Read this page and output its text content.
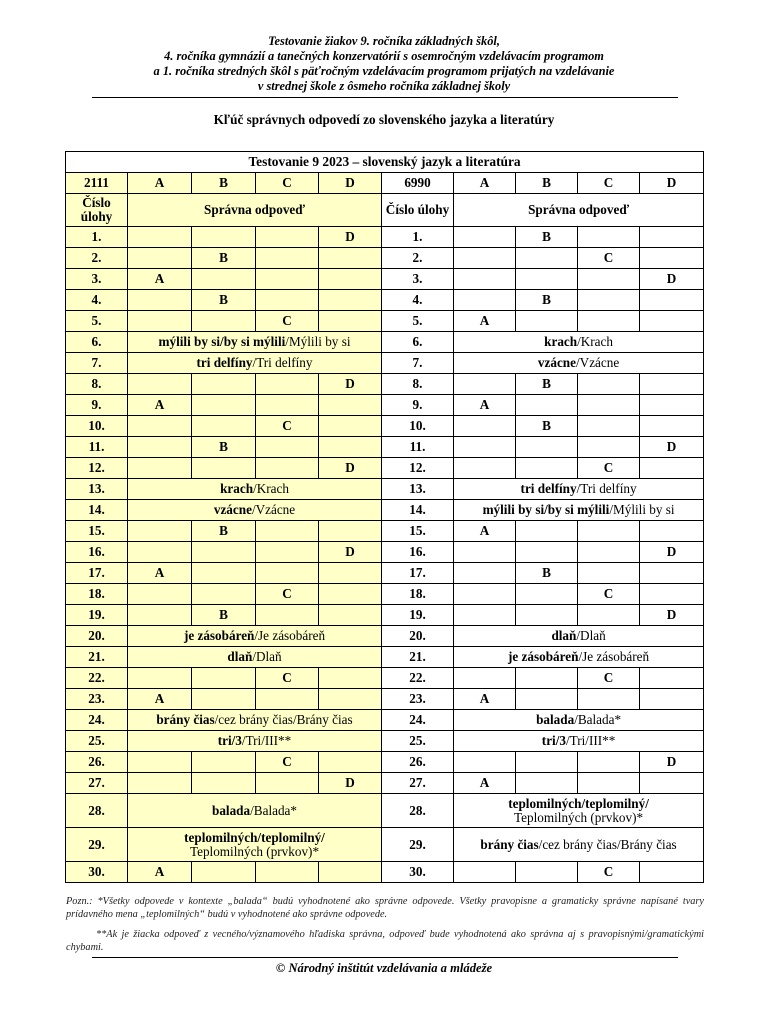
Testovanie žiakov 9. ročníka základných škôl,
4. ročníka gymnázií a tanečných konzervatórií s osemročným vzdelávacím programom
a 1. ročníka stredných škôl s päťročným vzdelávacím programom prijatých na vzdelávanie
v strednej škole z ôsmeho ročníka základnej školy
Kľúč správnych odpovedí zo slovenského jazyka a literatúry
Testovanie 9 2023 – slovenský jazyk a literatúra									
2111	A	B	C	D	6990	A	B	C	D
Číslo úlohy	Správna odpoveď				Číslo úlohy	Správna odpoveď			
1.				D	1.		B		
2.		B			2.			C	
3.	A				3.				D
4.		B			4.		B		
5.			C		5.	A			
6.	mýlili by si/by si mýlili/Mýlili by si				6.	krach/Krach			
7.	tri delfíny/Tri delfíny				7.	vzácne/Vzácne			
8.				D	8.		B		
9.	A				9.	A			
10.			C		10.		B		
11.		B			11.				D
12.				D	12.			C	
13.	krach/Krach				13.	tri delfíny/Tri delfíny			
14.	vzácne/Vzácne				14.	mýlili by si/by si mýlili/Mýlili by si			
15.		B			15.	A			
16.				D	16.				D
17.	A				17.		B		
18.			C		18.			C	
19.		B			19.				D
20.	je zásobáreň/Je zásobáreň				20.	dlaň/Dlaň			
21.	dlaň/Dlaň				21.	je zásobáreň/Je zásobáreň			
22.			C		22.			C	
23.	A				23.	A			
24.	brány čias/cez brány čias/Brány čias				24.	balada/Balada*			
25.	tri/3/Tri/III**				25.	tri/3/Tri/III**			
26.			C		26.				D
27.				D	27.	A			
28.	balada/Balada*				28.	teplomilných/teplomilný/
Teplomilných (prvkov)*			
29.	teplomilných/teplomilný/
Teplomilných (prvkov)*				29.	brány čias/cez brány čias/Brány čias			
30.	A				30.			C	
Pozn.: *Všetky odpovede v kontexte „balada“ budú vyhodnotené ako správne odpovede. Všetky pravopisne a gramaticky správne napísané tvary prídavného mena „teplomilných“ budú v vyhodnotené ako správne odpovede.
**Ak je žiacka odpoveď z vecného/významového hľadiska správna, odpoveď bude vyhodnotená ako správna aj s pravopisnými/gramatickými chybami.
© Národný inštitút vzdelávania a mládeže
